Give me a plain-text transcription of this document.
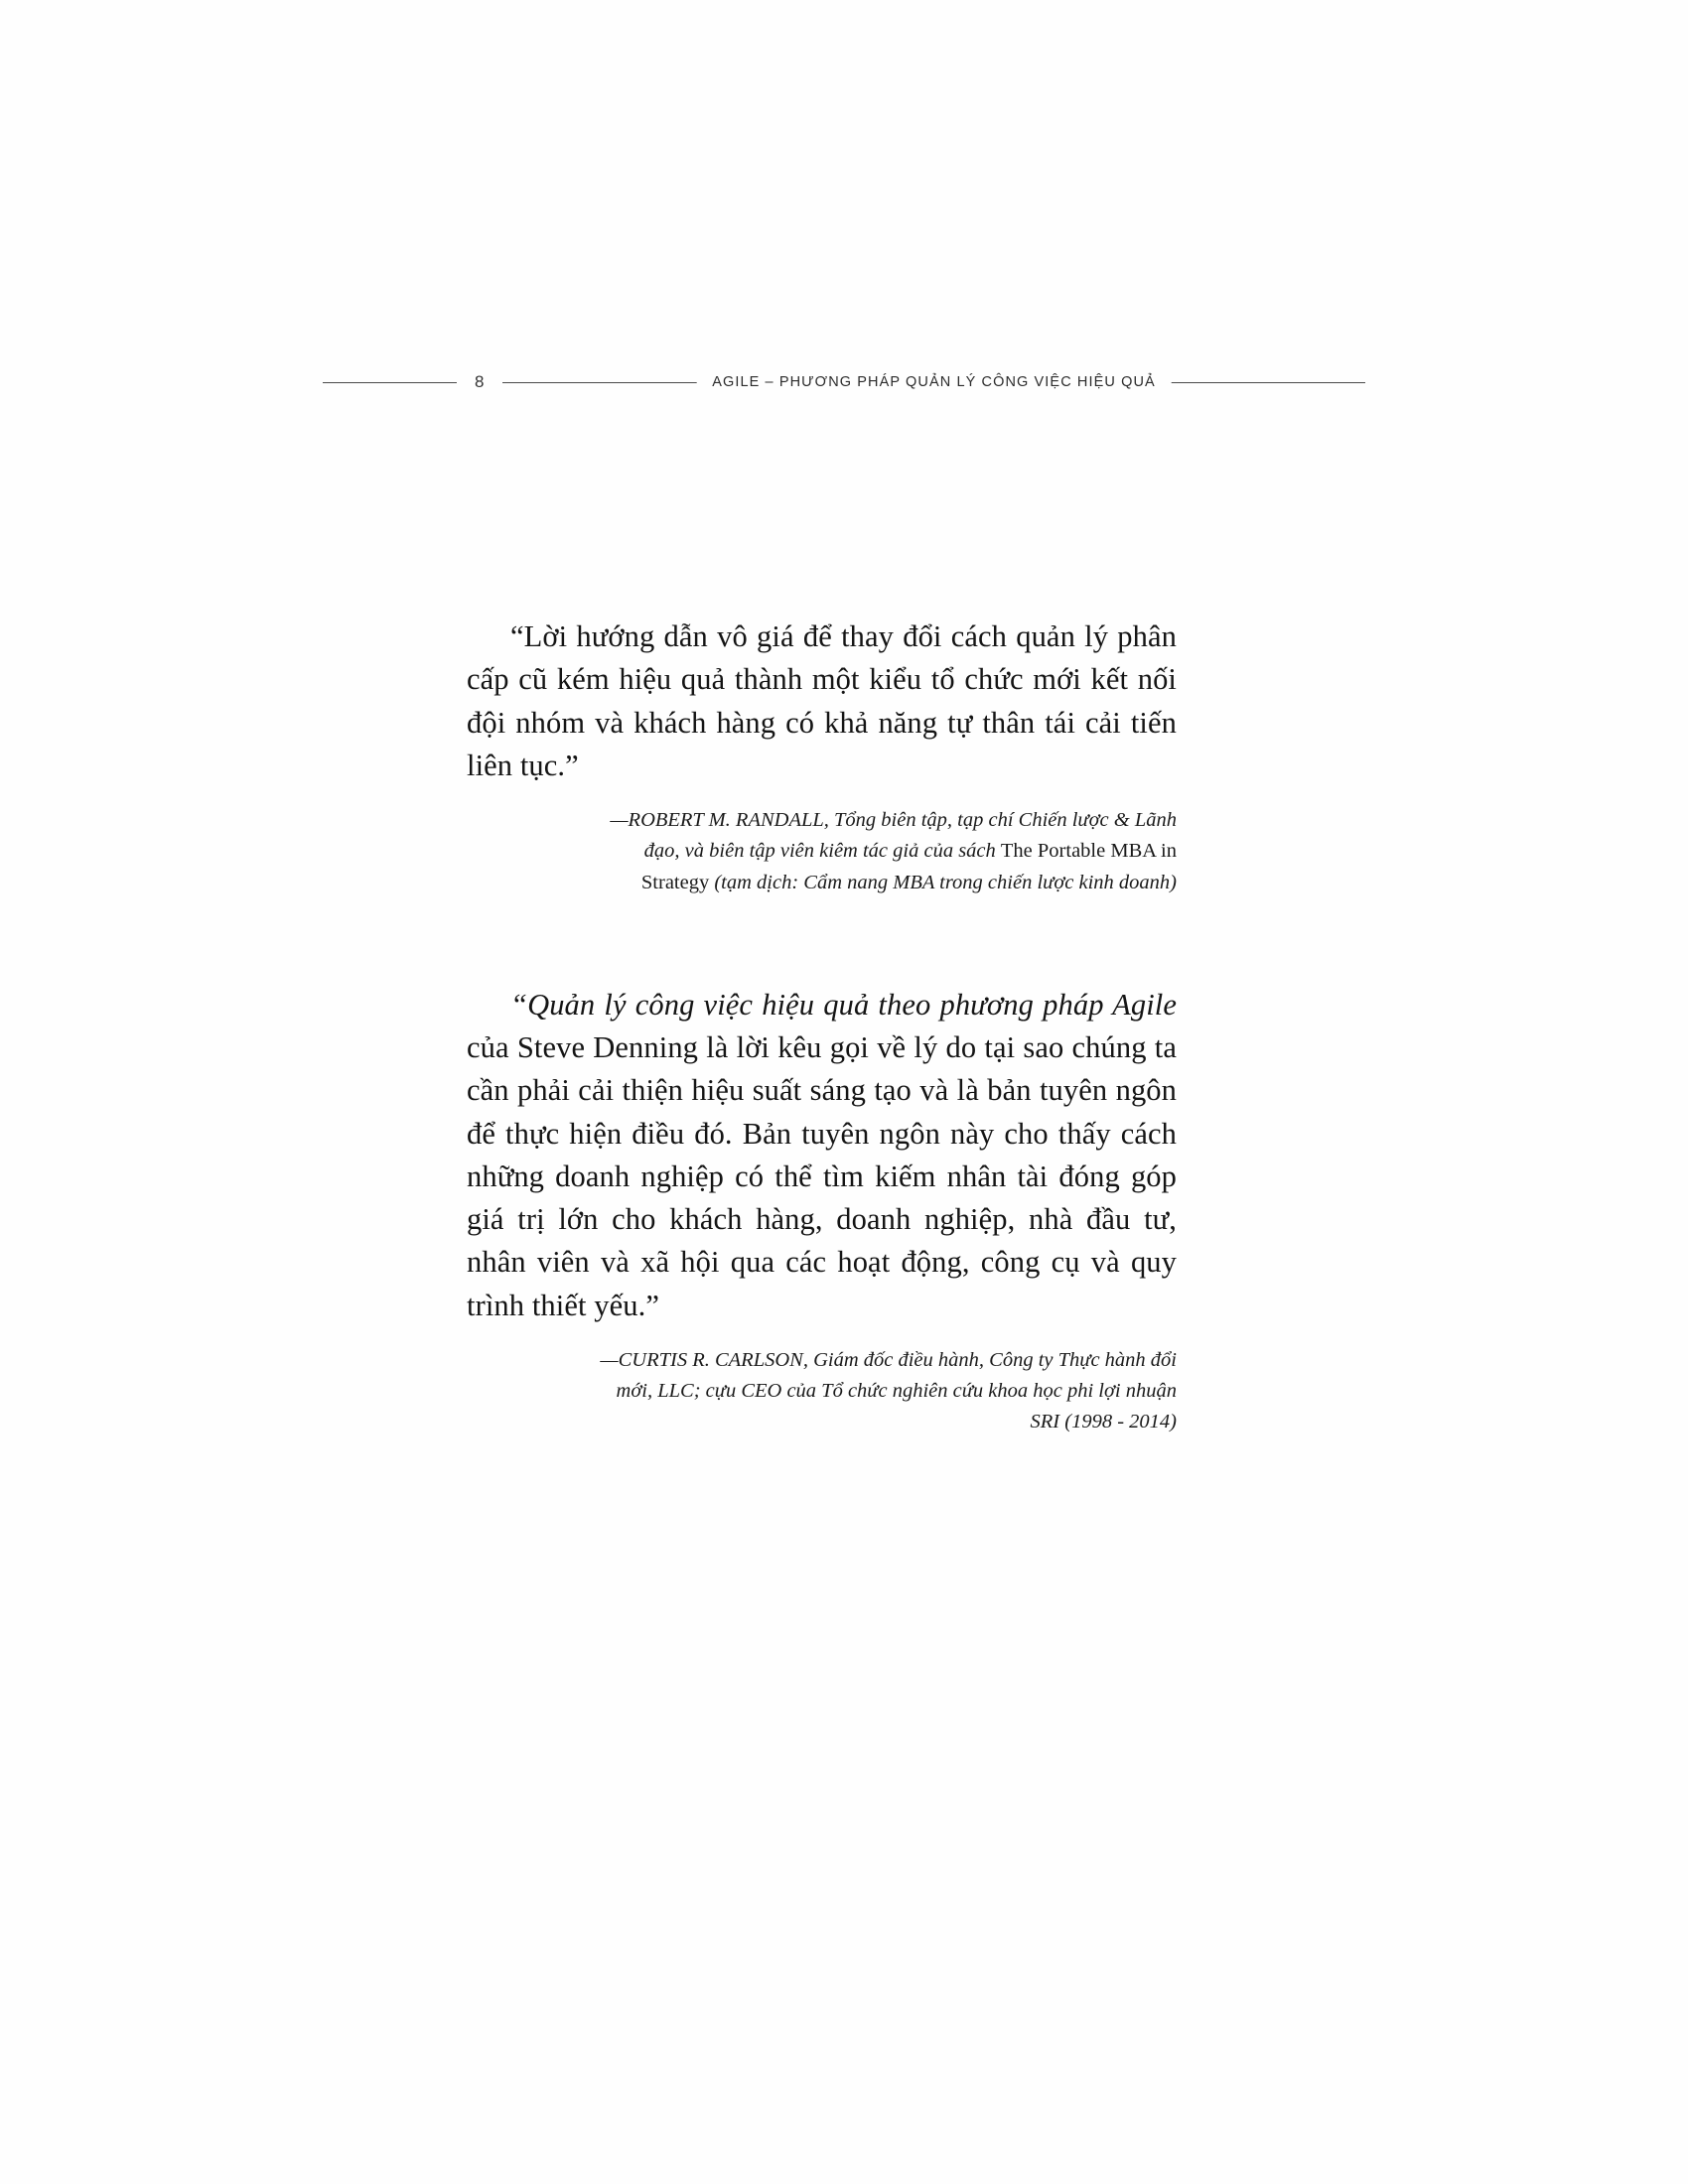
8	AGILE – PHƯƠNG PHÁP QUẢN LÝ CÔNG VIỆC HIỆU QUẢ

“Lời hướng dẫn vô giá để thay đổi cách quản lý phân cấp cũ kém hiệu quả thành một kiểu tổ chức mới kết nối đội nhóm và khách hàng có khả năng tự thân tái cải tiến liên tục.”

—ROBERT M. RANDALL, Tổng biên tập, tạp chí Chiến lược & Lãnh đạo, và biên tập viên kiêm tác giả của sách The Portable MBA in Strategy (tạm dịch: Cẩm nang MBA trong chiến lược kinh doanh)

“Quản lý công việc hiệu quả theo phương pháp Agile của Steve Denning là lời kêu gọi về lý do tại sao chúng ta cần phải cải thiện hiệu suất sáng tạo và là bản tuyên ngôn để thực hiện điều đó. Bản tuyên ngôn này cho thấy cách những doanh nghiệp có thể tìm kiếm nhân tài đóng góp giá trị lớn cho khách hàng, doanh nghiệp, nhà đầu tư, nhân viên và xã hội qua các hoạt động, công cụ và quy trình thiết yếu.”

—CURTIS R. CARLSON, Giám đốc điều hành, Công ty Thực hành đổi mới, LLC; cựu CEO của Tổ chức nghiên cứu khoa học phi lợi nhuận SRI (1998 - 2014)
